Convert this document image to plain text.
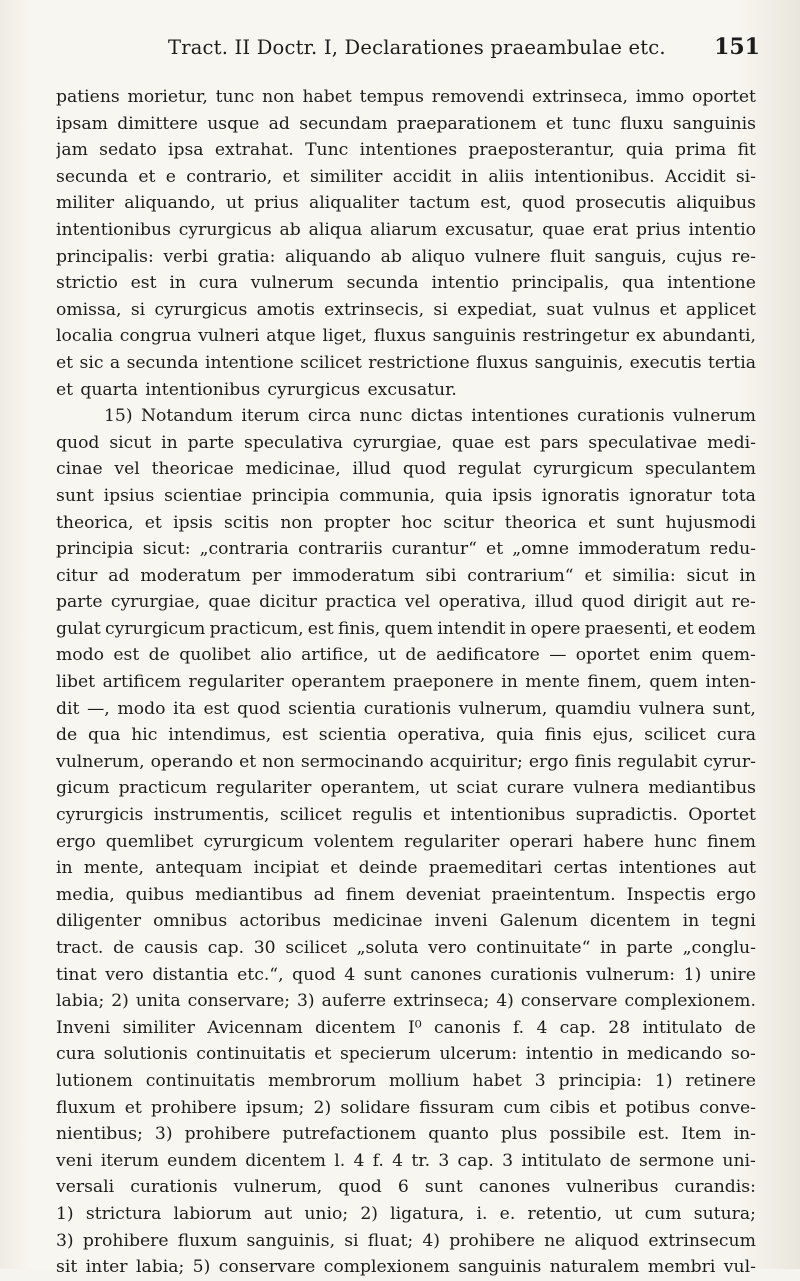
Tract. II Doctr. I, Declarationes praeambulae etc. 151
patiens morietur, tunc non habet tempus removendi extrinseca, immo oportet
ipsam dimittere usque ad secundam praeparationem et tunc fluxu sanguinis
jam sedato ipsa extrahat. Tunc intentiones praeposterantur, quia prima fit
secunda et e contrario, et similiter accidit in aliis intentionibus. Accidit si-
militer aliquando, ut prius aliqualiter tactum est, quod prosecutis aliquibus
intentionibus cyrurgicus ab aliqua aliarum excusatur, quae erat prius intentio
principalis: verbi gratia: aliquando ab aliquo vulnere fluit sanguis, cujus re-
strictio est in cura vulnerum secunda intentio principalis, qua intentione
omissa, si cyrurgicus amotis extrinsecis, si expediat, suat vulnus et applicet
localia congrua vulneri atque liget, fluxus sanguinis restringetur ex abundanti,
et sic a secunda intentione scilicet restrictione fluxus sanguinis, executis tertia
et quarta intentionibus cyrurgicus excusatur.
15) Notandum iterum circa nunc dictas intentiones curationis vulnerum
quod sicut in parte speculativa cyrurgiae, quae est pars speculativae medi-
cinae vel theoricae medicinae, illud quod regulat cyrurgicum speculantem
sunt ipsius scientiae principia communia, quia ipsis ignoratis ignoratur tota
theorica, et ipsis scitis non propter hoc scitur theorica et sunt hujusmodi
principia sicut: „contraria contrariis curantur“ et „omne immoderatum redu-
citur ad moderatum per immoderatum sibi contrarium“ et similia: sicut in
parte cyrurgiae, quae dicitur practica vel operativa, illud quod dirigit aut re-
gulat cyrurgicum practicum, est finis, quem intendit in opere praesenti, et eodem
modo est de quolibet alio artifice, ut de aedificatore — oportet enim quem-
libet artificem regulariter operantem praeponere in mente finem, quem inten-
dit —, modo ita est quod scientia curationis vulnerum, quamdiu vulnera sunt,
de qua hic intendimus, est scientia operativa, quia finis ejus, scilicet cura
vulnerum, operando et non sermocinando acquiritur; ergo finis regulabit cyrur-
gicum practicum regulariter operantem, ut sciat curare vulnera mediantibus
cyrurgicis instrumentis, scilicet regulis et intentionibus supradictis. Oportet
ergo quemlibet cyrurgicum volentem regulariter operari habere hunc finem
in mente, antequam incipiat et deinde praemeditari certas intentiones aut
media, quibus mediantibus ad finem deveniat praeintentum. Inspectis ergo
diligenter omnibus actoribus medicinae inveni Galenum dicentem in tegni
tract. de causis cap. 30 scilicet „soluta vero continuitate“ in parte „conglu-
tinat vero distantia etc.“, quod 4 sunt canones curationis vulnerum: 1) unire
labia; 2) unita conservare; 3) auferre extrinseca; 4) conservare complexionem.
Inveni similiter Avicennam dicentem I⁰ canonis f. 4 cap. 28 intitulato de
cura solutionis continuitatis et specierum ulcerum: intentio in medicando so-
lutionem continuitatis membrorum mollium habet 3 principia: 1) retinere
fluxum et prohibere ipsum; 2) solidare fissuram cum cibis et potibus conve-
nientibus; 3) prohibere putrefactionem quanto plus possibile est. Item in-
veni iterum eundem dicentem l. 4 f. 4 tr. 3 cap. 3 intitulato de sermone uni-
versali curationis vulnerum, quod 6 sunt canones vulneribus curandis:
1) strictura labiorum aut unio; 2) ligatura, i. e. retentio, ut cum sutura;
3) prohibere fluxum sanguinis, si fluat; 4) prohibere ne aliquod extrinsecum
sit inter labia; 5) conservare complexionem sanguinis naturalem membri vul-
